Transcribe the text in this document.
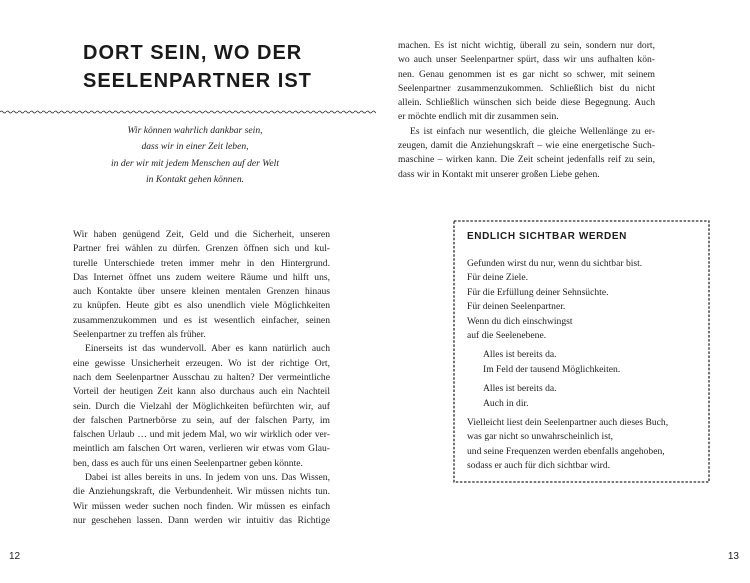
DORT SEIN, WO DER
SEELENPARTNER IST
Wir können wahrlich dankbar sein,
dass wir in einer Zeit leben,
in der wir mit jedem Menschen auf der Welt
in Kontakt gehen können.
Wir haben genügend Zeit, Geld und die Sicherheit, unseren
Partner frei wählen zu dürfen. Grenzen öffnen sich und kul-
turelle Unterschiede treten immer mehr in den Hintergrund.
Das Internet öffnet uns zudem weitere Räume und hilft uns,
auch Kontakte über unsere kleinen mentalen Grenzen hinaus
zu knüpfen. Heute gibt es also unendlich viele Möglichkeiten
zusammenzukommen und es ist wesentlich einfacher, seinen
Seelenpartner zu treffen als früher.
Einerseits ist das wundervoll. Aber es kann natürlich auch
eine gewisse Unsicherheit erzeugen. Wo ist der richtige Ort,
nach dem Seelenpartner Ausschau zu halten? Der vermeintliche
Vorteil der heutigen Zeit kann also durchaus auch ein Nachteil
sein. Durch die Vielzahl der Möglichkeiten befürchten wir, auf
der falschen Partnerbörse zu sein, auf der falschen Party, im
falschen Urlaub … und mit jedem Mal, wo wir wirklich oder ver-
meintlich am falschen Ort waren, verlieren wir etwas vom Glau-
ben, dass es auch für uns einen Seelenpartner geben könnte.
Dabei ist alles bereits in uns. In jedem von uns. Das Wissen,
die Anziehungskraft, die Verbundenheit. Wir müssen nichts tun.
Wir müssen weder suchen noch finden. Wir müssen es einfach
nur geschehen lassen. Dann werden wir intuitiv das Richtige
12
machen. Es ist nicht wichtig, überall zu sein, sondern nur dort,
wo auch unser Seelenpartner spürt, dass wir uns aufhalten kön-
nen. Genau genommen ist es gar nicht so schwer, mit seinem
Seelenpartner zusammenzukommen. Schließlich bist du nicht
allein. Schließlich wünschen sich beide diese Begegnung. Auch
er möchte endlich mit dir zusammen sein.
Es ist einfach nur wesentlich, die gleiche Wellenlänge zu er-
zeugen, damit die Anziehungskraft – wie eine energetische Such-
maschine – wirken kann. Die Zeit scheint jedenfalls reif zu sein,
dass wir in Kontakt mit unserer großen Liebe gehen.
ENDLICH SICHTBAR WERDEN
Gefunden wirst du nur, wenn du sichtbar bist.
Für deine Ziele.
Für die Erfüllung deiner Sehnsüchte.
Für deinen Seelenpartner.
Wenn du dich einschwingst
auf die Seelenebene.
Alles ist bereits da.
Im Feld der tausend Möglichkeiten.
Alles ist bereits da.
Auch in dir.
Vielleicht liest dein Seelenpartner auch dieses Buch,
was gar nicht so unwahrscheinlich ist,
und seine Frequenzen werden ebenfalls angehoben,
sodass er auch für dich sichtbar wird.
13
